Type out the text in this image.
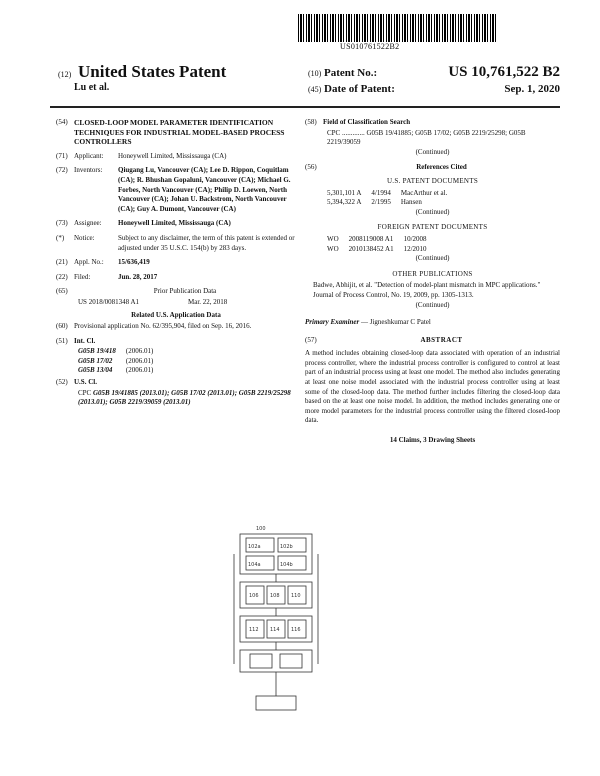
US010761522B2
(12) United States Patent
Lu et al.
(10) Patent No.:	US 10,761,522 B2
(45) Date of Patent:	Sep. 1, 2020
(54) CLOSED-LOOP MODEL PARAMETER IDENTIFICATION TECHNIQUES FOR INDUSTRIAL MODEL-BASED PROCESS CONTROLLERS
(71) Applicant:	Honeywell Limited, Mississauga (CA)
(72) Inventors:	Qiugang Lu, Vancouver (CA); Lee D. Rippon, Coquitlam (CA); R. Bhushan Gopaluni, Vancouver (CA); Michael G. Forbes, North Vancouver (CA); Philip D. Loewen, North Vancouver (CA); Johan U. Backstrom, North Vancouver (CA); Guy A. Dumont, Vancouver (CA)
(73) Assignee:	Honeywell Limited, Mississauga (CA)
(*)	Notice:	Subject to any disclaimer, the term of this patent is extended or adjusted under 35 U.S.C. 154(b) by 283 days.
(21) Appl. No.:	15/636,419
(22) Filed:	Jun. 28, 2017
(65)	Prior Publication Data
US 2018/0081348 A1	Mar. 22, 2018
Related U.S. Application Data
(60) Provisional application No. 62/395,904, filed on Sep. 16, 2016.
(51) Int. Cl.
G05B 19/418	(2006.01)
G05B 17/02	(2006.01)
G05B 13/04	(2006.01)
(52) U.S. Cl.
CPC G05B 19/41885 (2013.01); G05B 17/02 (2013.01); G05B 2219/25298 (2013.01); G05B 2219/39059 (2013.01)
(58) Field of Classification Search
CPC ............. G05B 19/41885; G05B 17/02; G05B 2219/25298; G05B 2219/39059
(Continued)
(56)	References Cited
U.S. PATENT DOCUMENTS
5,301,101 A	4/1994	MacArthur et al.
5,394,322 A	2/1995	Hansen
(Continued)
FOREIGN PATENT DOCUMENTS
WO	2008119008 A1	10/2008
WO	2010138452 A1	12/2010
(Continued)
OTHER PUBLICATIONS
Badwe, Abhijit, et al. "Detection of model-plant mismatch in MPC applications." Journal of Process Control, No. 19, 2009, pp. 1305-1313.
(Continued)
Primary Examiner — Jigneshkumar C Patel
(57)	ABSTRACT
A method includes obtaining closed-loop data associated with operation of an industrial process controller, where the industrial process controller is configured to control at least part of an industrial process using at least one model. The method also includes generating at least one noise model associated with the industrial process controller using at least some of the closed-loop data. The method further includes filtering the closed-loop data based on the at least one noise model. In addition, the method includes generating one or more model parameters for the industrial process controller using the filtered closed-loop data.
14 Claims, 3 Drawing Sheets
100
102a	102b
104a	104b
106 108 110
112 114 116
